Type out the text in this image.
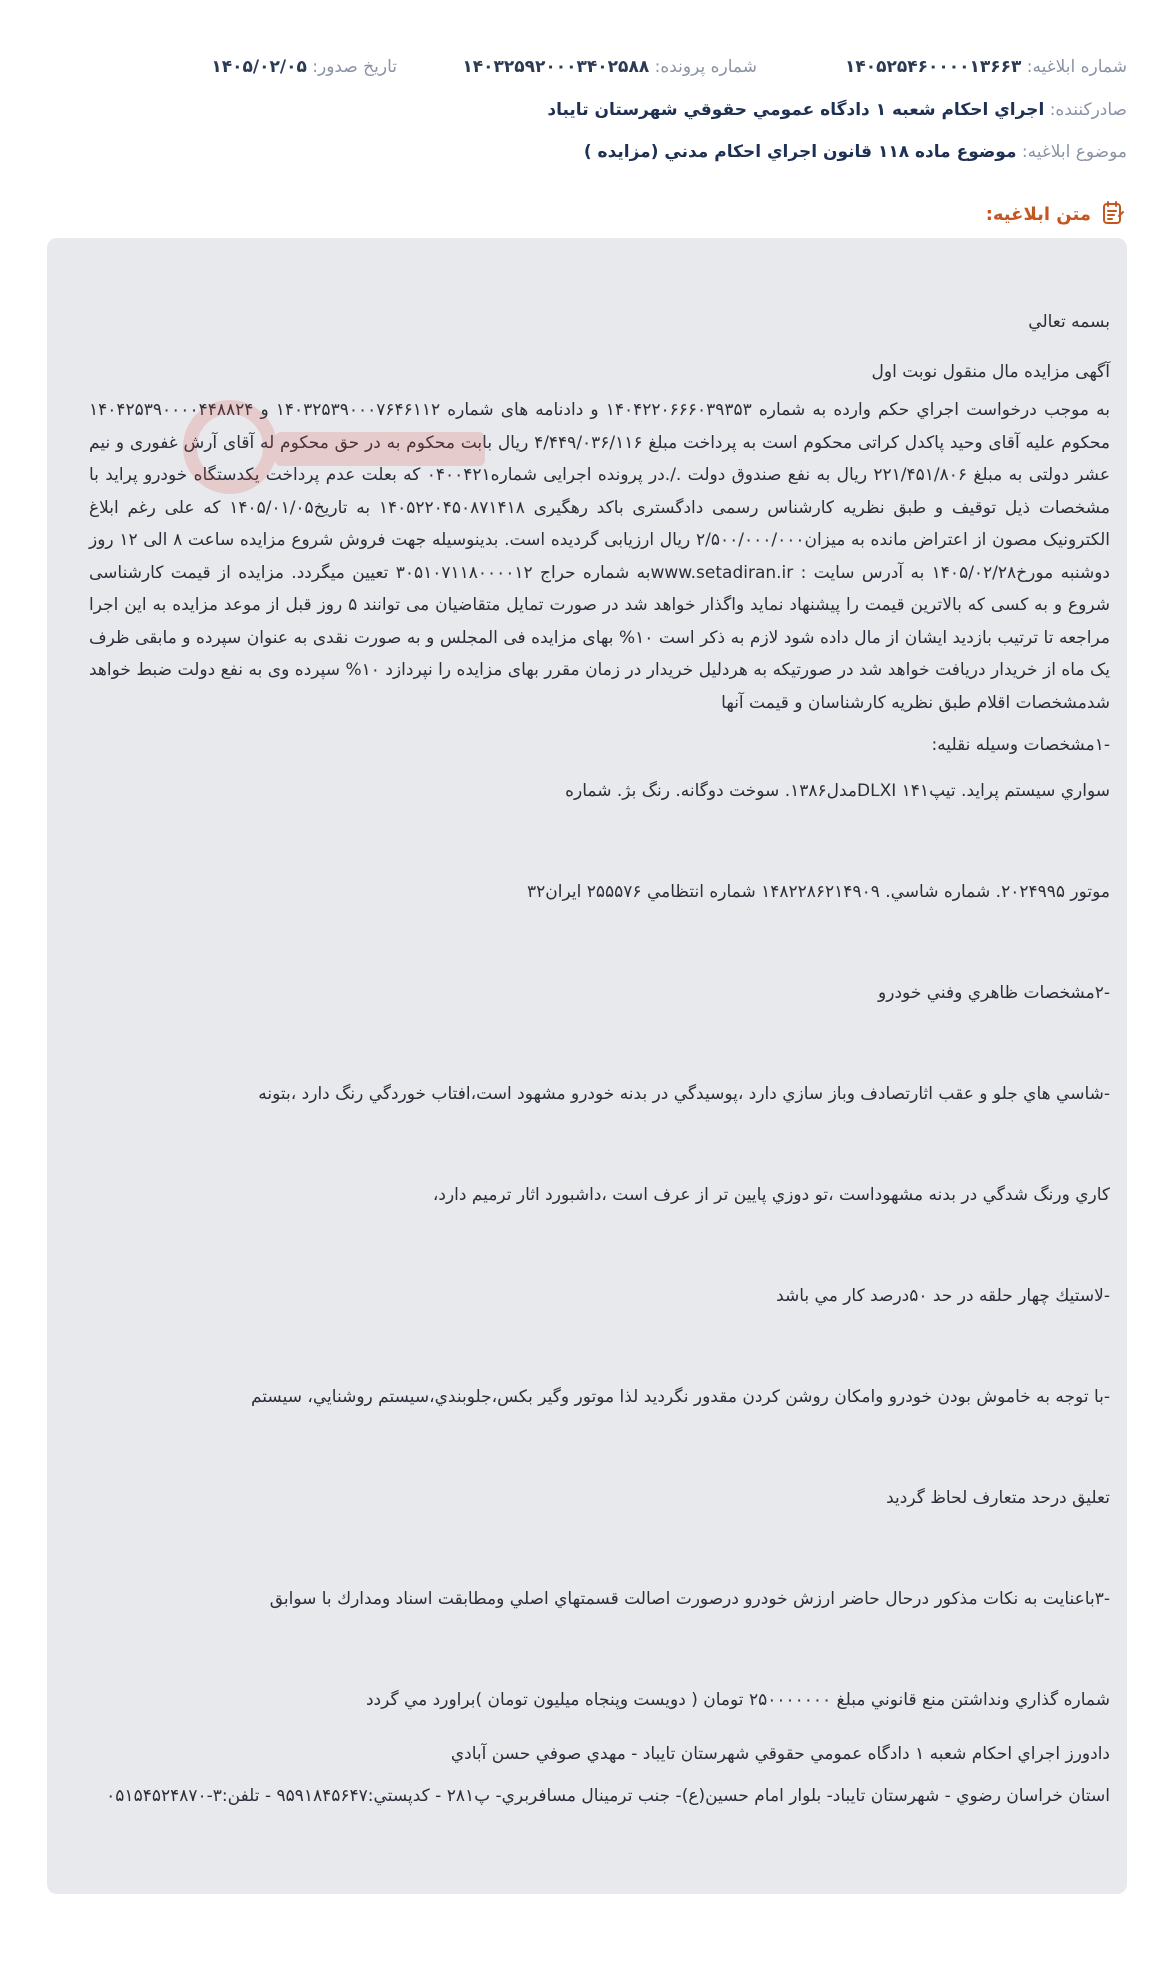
شماره ابلاغیه: ۱۴۰۵۲۵۴۶۰۰۰۰۱۳۶۶۳
شماره پرونده: ۱۴۰۳۲۵۹۲۰۰۰۳۴۰۲۵۸۸
تاریخ صدور: ۱۴۰۵/۰۲/۰۵
صادرکننده: اجراي احکام شعبه ۱ دادگاه عمومي حقوقي شهرستان تایباد
موضوع ابلاغیه: موضوع ماده ۱۱۸ قانون اجراي احکام مدني (مزایده )
متن ابلاغیه:

بسمه تعالي

آگهی مزایده مال منقول نوبت اول

به موجب درخواست اجراي حکم وارده به شماره ۱۴۰۴۲۲۰۶۶۶۰۳۹۳۵۳ و دادنامه های شماره ۱۴۰۳۲۵۳۹۰۰۰۷۶۴۶۱۱۲ و ۱۴۰۴۲۵۳۹۰۰۰۰۴۴۸۸۲۴ محکوم علیه آقای وحید پاکدل کراتی محکوم است به پرداخت مبلغ ۴/۴۴۹/۰۳۶/۱۱۶ ریال بابت محکوم به در حق محکوم له آقای آرش غفوری و نیم عشر دولتی به مبلغ ۲۲۱/۴۵۱/۸۰۶ ریال به نفع صندوق دولت ./.در پرونده اجرایی شماره۰۴۰۰۴۲۱ که بعلت عدم پرداخت یکدستگاه خودرو پراید با مشخصات ذیل توقیف و طبق نظریه کارشناس رسمی دادگستری باکد رهگیری ۱۴۰۵۲۲۰۴۵۰۸۷۱۴۱۸ به تاریخ۱۴۰۵/۰۱/۰۵ که علی رغم ابلاغ الکترونیک مصون از اعتراض مانده به میزان۲/۵۰۰/۰۰۰/۰۰۰ ریال ارزیابی گردیده است. بدینوسیله جهت فروش شروع مزایده ساعت ۸ الی ۱۲ روز دوشنبه مورخ۱۴۰۵/۰۲/۲۸ به آدرس سایت : www.setadiran.irبه شماره حراج ۳۰۵۱۰۷۱۱۸۰۰۰۰۱۲ تعیین میگردد. مزایده از قیمت کارشناسی شروع و به کسی که بالاترین قیمت را پیشنهاد نماید واگذار خواهد شد در صورت تمایل متقاضیان می توانند ۵ روز قبل از موعد مزایده به این اجرا مراجعه تا ترتیب بازدید ایشان از مال داده شود لازم به ذکر است ۱۰% بهای مزایده فی المجلس و به صورت نقدی به عنوان سپرده و مابقی ظرف یک ماه از خریدار دریافت خواهد شد در صورتیکه به هردلیل خریدار در زمان مقرر بهای مزایده را نپردازد ۱۰% سپرده وی به نفع دولت ضبط خواهد شدمشخصات اقلام طبق نظریه کارشناسان و قیمت آنها

-۱مشخصات وسیله نقلیه:

سواري سیستم پراید. تیپ۱۴۱ DLXIمدل۱۳۸۶. سوخت دوگانه. رنگ بژ. شماره

موتور ۲۰۲۴۹۹۵. شماره شاسي. ۱۴۸۲۲۸۶۲۱۴۹۰۹ شماره انتظامي ۲۵۵۵۷۶ ایران۳۲

-۲مشخصات ظاهري وفني خودرو

-شاسي هاي جلو و عقب اثارتصادف وباز سازي دارد ،پوسیدگي در بدنه خودرو مشهود است،افتاب خوردگي رنگ دارد ،بتونه

کاري ورنگ شدگي در بدنه مشهوداست ،تو دوزي پایین تر از عرف است ،داشبورد اثار ترمیم دارد،

-لاستیك چهار حلقه در حد ۵۰درصد کار مي باشد

-با توجه به خاموش بودن خودرو وامکان روشن کردن مقدور نگردید لذا موتور وگیر بکس،جلوبندي،سیستم روشنايي، سیستم

تعلیق درحد متعارف لحاظ گردید

-۳باعنایت به نکات مذکور درحال حاضر ارزش خودرو درصورت اصالت قسمتهاي اصلي ومطابقت اسناد ومدارك با سوابق

شماره گذاري ونداشتن منع قانوني مبلغ ۲۵۰۰۰۰۰۰۰ تومان ( دویست وپنجاه میلیون تومان )براورد مي گردد

دادورز اجراي احکام شعبه ۱ دادگاه عمومي حقوقي شهرستان تایباد - مهدي صوفي حسن آبادي

استان خراسان رضوي - شهرستان تایباد- بلوار امام حسین(ع)- جنب ترمینال مسافربري- پ۲۸۱ - کدپستي:۹۵۹۱۸۴۵۶۴۷ - تلفن:۳-۰۵۱۵۴۵۲۴۸۷۰
